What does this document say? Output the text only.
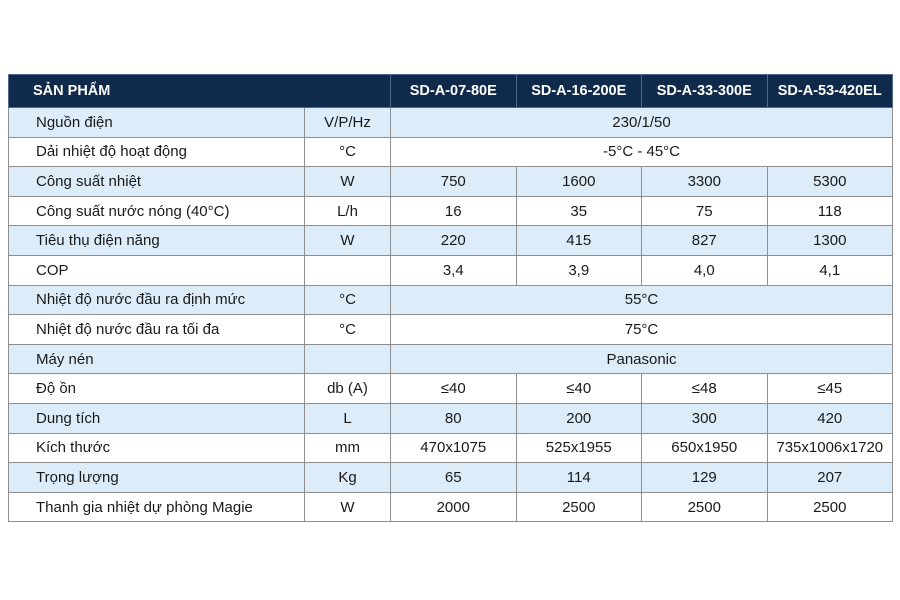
SẢN PHẨM		SD-A-07-80E	SD-A-16-200E	SD-A-33-300E	SD-A-53-420EL
Nguồn điện	V/P/Hz	230/1/50			
Dải nhiệt độ hoạt động	°C	-5°C - 45°C			
Công suất nhiệt	W	750	1600	3300	5300
Công suất nước nóng (40°C)	L/h	16	35	75	118
Tiêu thụ điện năng	W	220	415	827	1300
COP		3,4	3,9	4,0	4,1
Nhiệt độ nước đầu ra định mức	°C	55°C			
Nhiệt độ nước đầu ra tối đa	°C	75°C			
Máy nén		Panasonic			
Độ ồn	db (A)	≤40	≤40	≤48	≤45
Dung tích	L	80	200	300	420
Kích thước	mm	470x1075	525x1955	650x1950	735x1006x1720
Trọng lượng	Kg	65	114	129	207
Thanh gia nhiệt dự phòng Magie	W	2000	2500	2500	2500
